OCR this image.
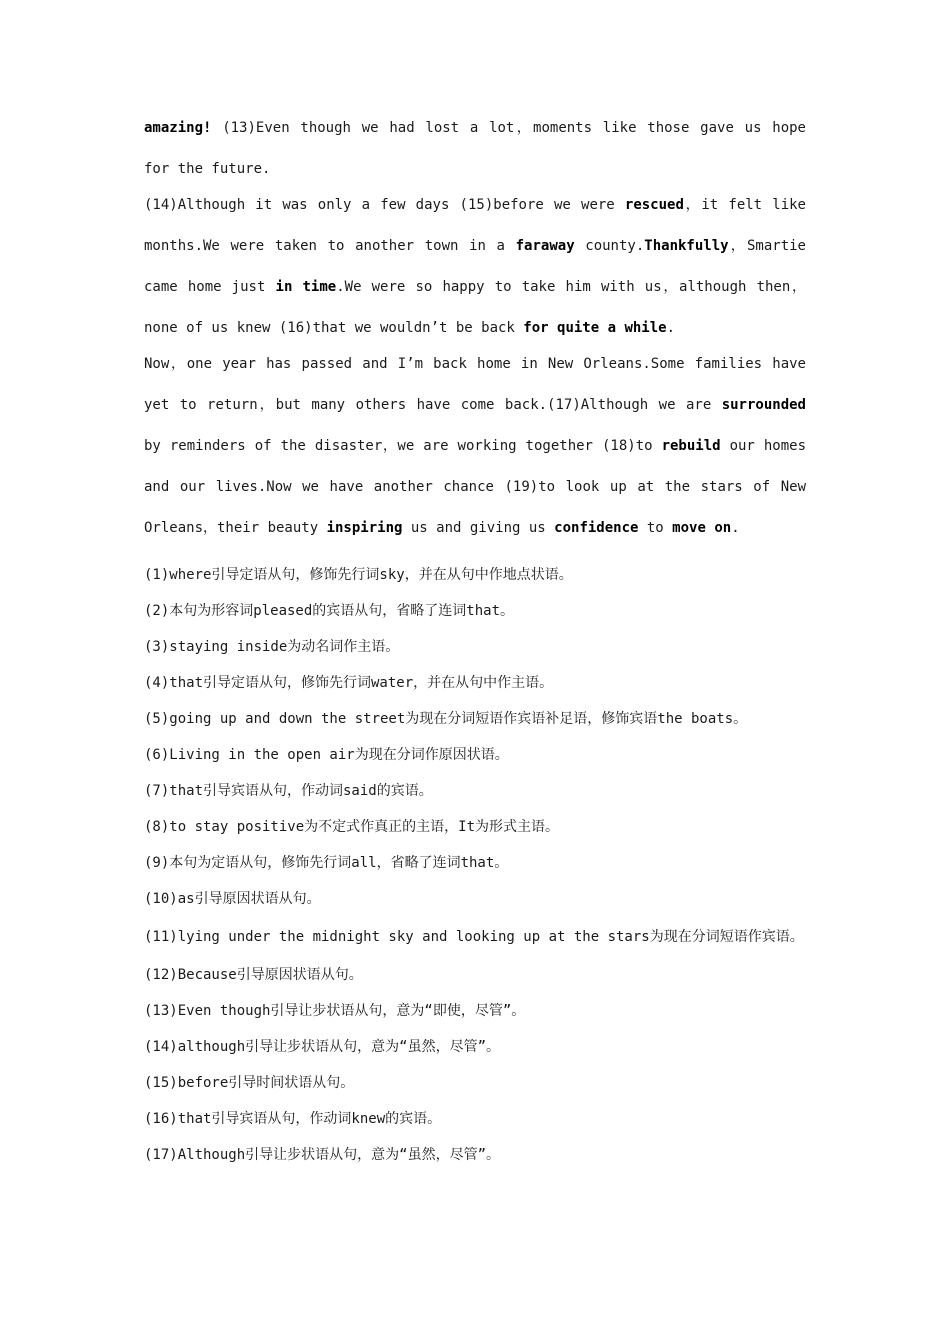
amazing! (13)Even though we had lost a lot，moments like those gave us hope for the future.

(14)Although it was only a few days (15)before we were rescued，it felt like months.We were taken to another town in a faraway county.Thankfully，Smartie came home just in time.We were so happy to take him with us，although then，none of us knew (16)that we wouldn’t be back for quite a while.

Now，one year has passed and I’m back home in New Orleans.Some families have yet to return，but many others have come back.(17)Although we are surrounded by reminders of the disaster，we are working together (18)to rebuild our homes and our lives.Now we have another chance (19)to look up at the stars of New Orleans，their beauty inspiring us and giving us confidence to move on.

(1)where引导定语从句，修饰先行词sky，并在从句中作地点状语。

(2)本句为形容词pleased的宾语从句，省略了连词that。

(3)staying inside为动名词作主语。

(4)that引导定语从句，修饰先行词water，并在从句中作主语。

(5)going up and down the street为现在分词短语作宾语补足语，修饰宾语the boats。

(6)Living in the open air为现在分词作原因状语。

(7)that引导宾语从句，作动词said的宾语。

(8)to stay positive为不定式作真正的主语，It为形式主语。

(9)本句为定语从句，修饰先行词all，省略了连词that。

(10)as引导原因状语从句。

(11)lying under the midnight sky and looking up at the stars为现在分词短语作宾语。

(12)Because引导原因状语从句。

(13)Even though引导让步状语从句，意为“即使，尽管”。

(14)although引导让步状语从句，意为“虽然，尽管”。

(15)before引导时间状语从句。

(16)that引导宾语从句，作动词knew的宾语。

(17)Although引导让步状语从句，意为“虽然，尽管”。
